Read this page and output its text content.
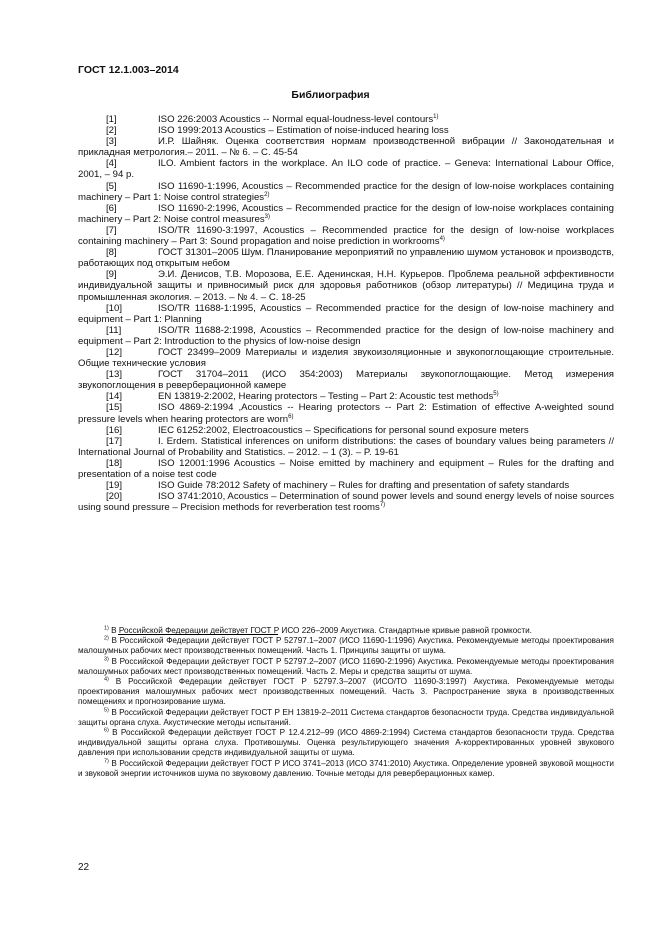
ГОСТ 12.1.003–2014
Библиография

[1]	ISO 226:2003 Acoustics -- Normal equal-loudness-level contours$^{1)}$

[2]	ISO 1999:2013 Acoustics – Estimation of noise-induced hearing loss

[3]	И.Р. Шайняк. Оценка соответствия нормам производственной вибрации // Законодательная и прикладная метрология.– 2011. – № 6. – С. 45-54

[4]	ILO. Ambient factors in the workplace. An ILO code of practice. – Geneva: International Labour Office, 2001, – 94 p.

[5]	ISO 11690-1:1996, Acoustics – Recommended practice for the design of low-noise workplaces containing machinery – Part 1: Noise control strategies$^{2)}$

[6]	ISO 11690-2:1996, Acoustics – Recommended practice for the design of low-noise workplaces containing machinery – Part 2: Noise control measures$^{3)}$

[7]	ISO/TR 11690-3:1997, Acoustics – Recommended practice for the design of low-noise workplaces containing machinery – Part 3: Sound propagation and noise prediction in workrooms$^{4)}$

[8]	ГОСТ 31301–2005 Шум. Планирование мероприятий по управлению шумом установок и производств, работающих под открытым небом

[9]	Э.И. Денисов, Т.В. Морозова, Е.Е. Аденинская, Н.Н. Курьеров. Проблема реальной эффективности индивидуальной защиты и привносимый риск для здоровья работников (обзор литературы) // Медицина труда и промышленная экология. – 2013. – № 4. – С. 18-25

[10]	ISO/TR 11688-1:1995, Acoustics – Recommended practice for the design of low-noise machinery and equipment – Part 1: Planning

[11]	ISO/TR 11688-2:1998, Acoustics – Recommended practice for the design of low-noise machinery and equipment – Part 2: Introduction to the physics of low-noise design

[12]	ГОСТ 23499–2009 Материалы и изделия звукоизоляционные и звукопоглощающие строительные. Общие технические условия

[13]	ГОСТ 31704–2011 (ИСО 354:2003) Материалы звукопоглощающие. Метод измерения звукопоглощения в реверберационной камере

[14]	EN 13819-2:2002, Hearing protectors – Testing – Part 2: Acoustic test methods$^{5)}$

[15]	ISO 4869-2:1994 ,Acoustics -- Hearing protectors -- Part 2: Estimation of effective A-weighted sound pressure levels when hearing protectors are worn$^{6)}$

[16]	IEC 61252:2002, Electroacoustics – Specifications for personal sound exposure meters

[17]	I. Erdem. Statistical inferences on uniform distributions: the cases of boundary values being parameters // International Journal of Probability and Statistics. – 2012. – 1 (3). – P. 19-61

[18]	ISO 12001:1996 Acoustics – Noise emitted by machinery and equipment – Rules for the drafting and presentation of a noise test code

[19]	ISO Guide 78:2012 Safety of machinery – Rules for drafting and presentation of safety standards

[20]	ISO 3741:2010, Acoustics – Determination of sound power levels and sound energy levels of noise sources using sound pressure – Precision methods for reverberation test rooms$^{7)}$

$^{1)}$ В Российской Федерации действует ГОСТ Р ИСО 226–2009 Акустика. Стандартные кривые равной громкости.

$^{2)}$ В Российской Федерации действует ГОСТ Р 52797.1–2007 (ИСО 11690-1:1996) Акустика. Рекомендуемые методы проектирования малошумных рабочих мест производственных помещений. Часть 1. Принципы защиты от шума.

$^{3)}$ В Российской Федерации действует ГОСТ Р 52797.2–2007 (ИСО 11690-2:1996) Акустика. Рекомендуемые методы проектирования малошумных рабочих мест производственных помещений. Часть 2. Меры и средства защиты от шума.

$^{4)}$ В Российской Федерации действует ГОСТ Р 52797.3–2007 (ИСО/ТО 11690-3:1997) Акустика. Рекомендуемые методы проектирования малошумных рабочих мест производственных помещений. Часть 3. Распространение звука в производственных помещениях и прогнозирование шума.

$^{5)}$ В Российской Федерации действует ГОСТ Р ЕН 13819-2–2011 Система стандартов безопасности труда. Средства индивидуальной защиты органа слуха. Акустические методы испытаний.

$^{6)}$ В Российской Федерации действует ГОСТ Р 12.4.212–99 (ИСО 4869-2:1994) Система стандартов безопасности труда. Средства индивидуальной защиты органа слуха. Противошумы. Оценка результирующего значения А-корректированных уровней звукового давления при использовании средств индивидуальной защиты от шума.

$^{7)}$ В Российской Федерации действует ГОСТ Р ИСО 3741–2013 (ИСО 3741:2010) Акустика. Определение уровней звуковой мощности и звуковой энергии источников шума по звуковому давлению. Точные методы для реверберационных камер.

22
